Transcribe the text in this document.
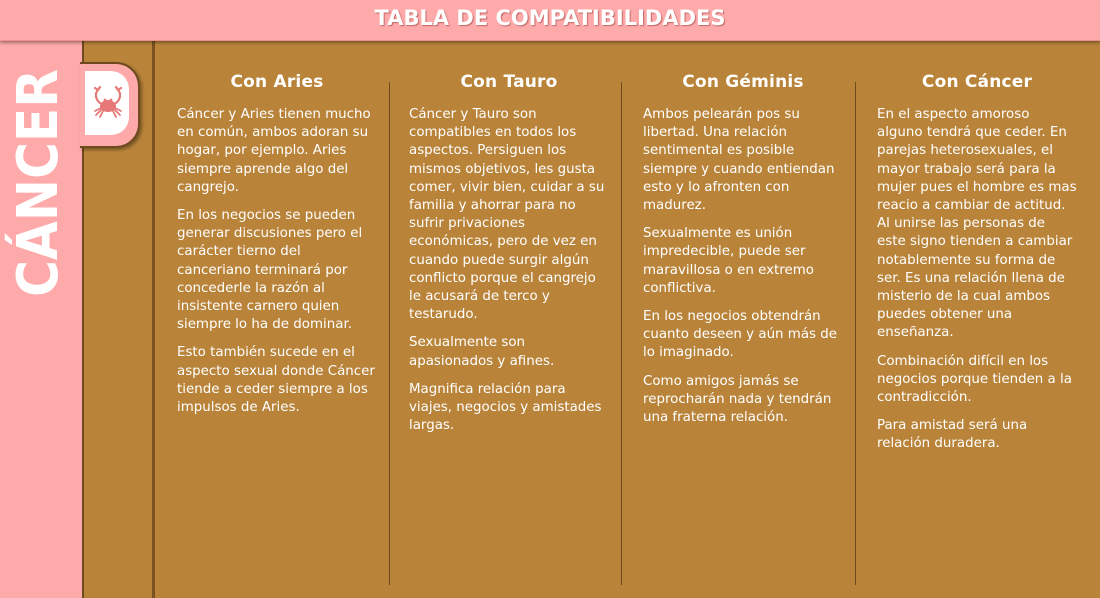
TABLA DE COMPATIBILIDADES
CÁNCER	Con Aries

Cáncer y Aries tienen mucho en común, ambos adoran su hogar, por ejemplo. Aries siempre aprende algo del cangrejo.

En los negocios se pueden generar discusiones pero el carácter tierno del canceriano terminará por concederle la razón al insistente carnero quien siempre lo ha de dominar.

Esto también sucede en el aspecto sexual donde Cáncer tiende a ceder siempre a los impulsos de Aries.

Con Tauro

Cáncer y Tauro son compatibles en todos los aspectos. Persiguen los mismos objetivos, les gusta comer, vivir bien, cuidar a su familia y ahorrar para no sufrir privaciones económicas, pero de vez en cuando puede surgir algún conflicto porque el cangrejo le acusará de terco y testarudo.

Sexualmente son apasionados y afines.

Magnifica relación para viajes, negocios y amistades largas.

Con Géminis

Ambos pelearán pos su libertad. Una relación sentimental es posible siempre y cuando entiendan esto y lo afronten con madurez.

Sexualmente es unión impredecible, puede ser maravillosa o en extremo conflictiva.

En los negocios obtendrán cuanto deseen y aún más de lo imaginado.

Como amigos jamás se reprocharán nada y tendrán una fraterna relación.

Con Cáncer

En el aspecto amoroso alguno tendrá que ceder. En parejas heterosexuales, el mayor trabajo será para la mujer pues el hombre es mas reacio a cambiar de actitud. Al unirse las personas de este signo tienden a cambiar notablemente su forma de ser. Es una relación llena de misterio de la cual ambos puedes obtener una enseñanza.

Combinación difícil en los negocios porque tienden a la contradicción.

Para amistad será una relación duradera.
